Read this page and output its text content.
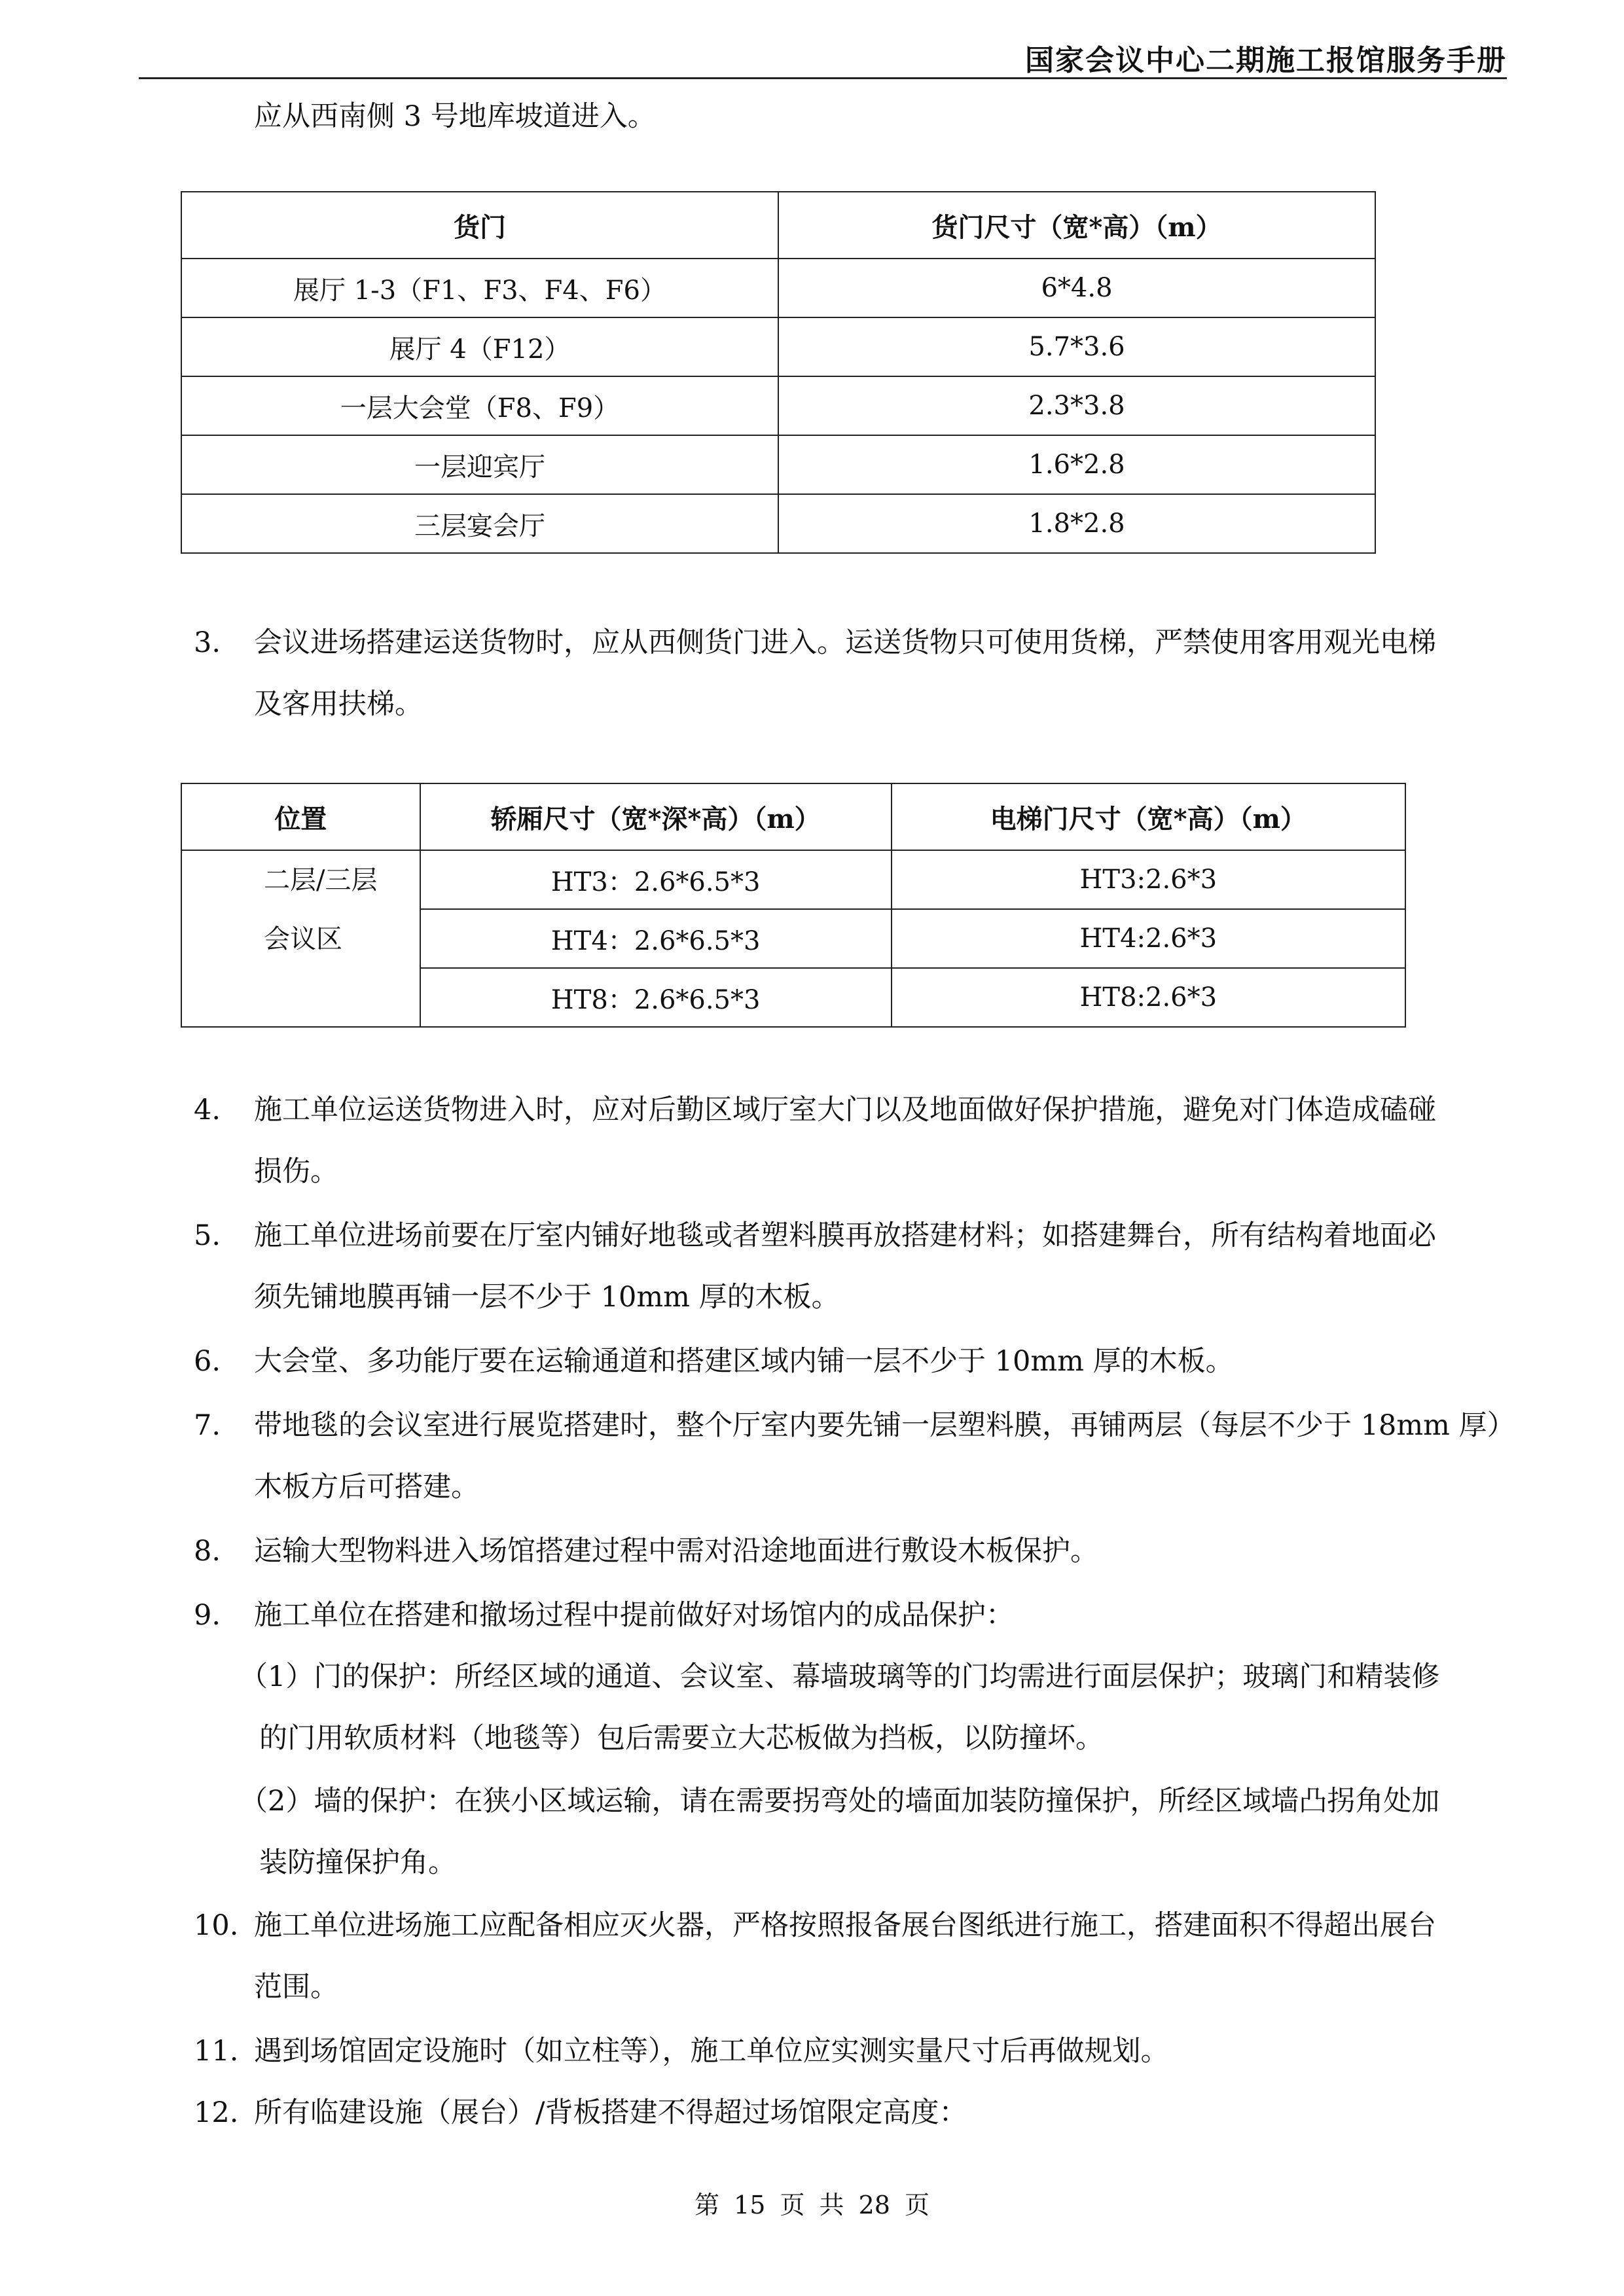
国家会议中心二期施工报馆服务手册
应从西南侧 3 号地库坡道进入。
货门	货门尺寸（宽*高）（m）
展厅 1-3（F1、F3、F4、F6）	6*4.8
展厅 4（F12）	5.7*3.6
一层大会堂（F8、F9）	2.3*3.8
一层迎宾厅	1.6*2.8
三层宴会厅	1.8*2.8
3. 会议进场搭建运送货物时，应从西侧货门进入。运送货物只可使用货梯，严禁使用客用观光电梯
及客用扶梯。
位置	轿厢尺寸（宽*深*高）（m）	电梯门尺寸（宽*高）（m）

二层/三层
会议区	HT3：2.6*6.5*3	HT3:2.6*3
	HT4：2.6*6.5*3	HT4:2.6*3
	HT8：2.6*6.5*3	HT8:2.6*3
4. 施工单位运送货物进入时，应对后勤区域厅室大门以及地面做好保护措施，避免对门体造成磕碰
损伤。
5. 施工单位进场前要在厅室内铺好地毯或者塑料膜再放搭建材料；如搭建舞台，所有结构着地面必
须先铺地膜再铺一层不少于 10mm 厚的木板。
6. 大会堂、多功能厅要在运输通道和搭建区域内铺一层不少于 10mm 厚的木板。
7. 带地毯的会议室进行展览搭建时，整个厅室内要先铺一层塑料膜，再铺两层（每层不少于 18mm 厚）
木板方后可搭建。
8. 运输大型物料进入场馆搭建过程中需对沿途地面进行敷设木板保护。
9. 施工单位在搭建和撤场过程中提前做好对场馆内的成品保护：
（1）门的保护：所经区域的通道、会议室、幕墙玻璃等的门均需进行面层保护；玻璃门和精装修
的门用软质材料（地毯等）包后需要立大芯板做为挡板，以防撞坏。
（2）墙的保护：在狭小区域运输，请在需要拐弯处的墙面加装防撞保护，所经区域墙凸拐角处加
装防撞保护角。
10. 施工单位进场施工应配备相应灭火器，严格按照报备展台图纸进行施工，搭建面积不得超出展台
范围。
11. 遇到场馆固定设施时（如立柱等），施工单位应实测实量尺寸后再做规划。
12. 所有临建设施（展台）/背板搭建不得超过场馆限定高度：
第 15 页 共 28 页
